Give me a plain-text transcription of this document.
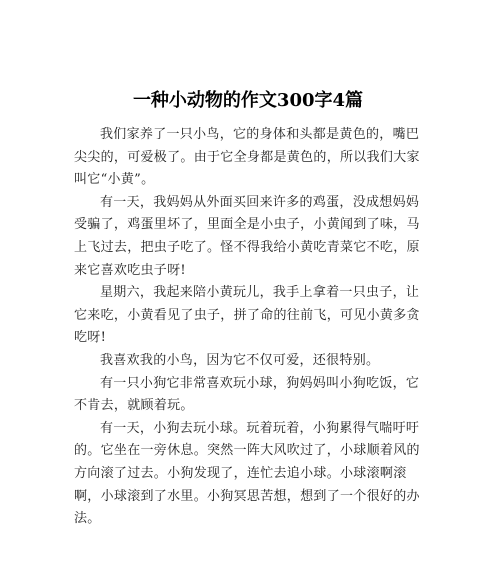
一种小动物的作文300字4篇

我们家养了一只小鸟，它的身体和头都是黄色的，嘴巴尖尖的，可爱极了。由于它全身都是黄色的，所以我们大家叫它“小黄”。

有一天，我妈妈从外面买回来许多的鸡蛋，没成想妈妈受骗了，鸡蛋里坏了，里面全是小虫子，小黄闻到了味，马上飞过去，把虫子吃了。怪不得我给小黄吃青菜它不吃，原来它喜欢吃虫子呀!

星期六，我起来陪小黄玩儿，我手上拿着一只虫子，让它来吃，小黄看见了虫子，拼了命的往前飞，可见小黄多贪吃呀!

我喜欢我的小鸟，因为它不仅可爱，还很特别。

有一只小狗它非常喜欢玩小球，狗妈妈叫小狗吃饭，它不肯去，就顾着玩。

有一天，小狗去玩小球。玩着玩着，小狗累得气喘吁吁的。它坐在一旁休息。突然一阵大风吹过了，小球顺着风的方向滚了过去。小狗发现了，连忙去追小球。小球滚啊滚啊，小球滚到了水里。小狗冥思苦想，想到了一个很好的办法。
